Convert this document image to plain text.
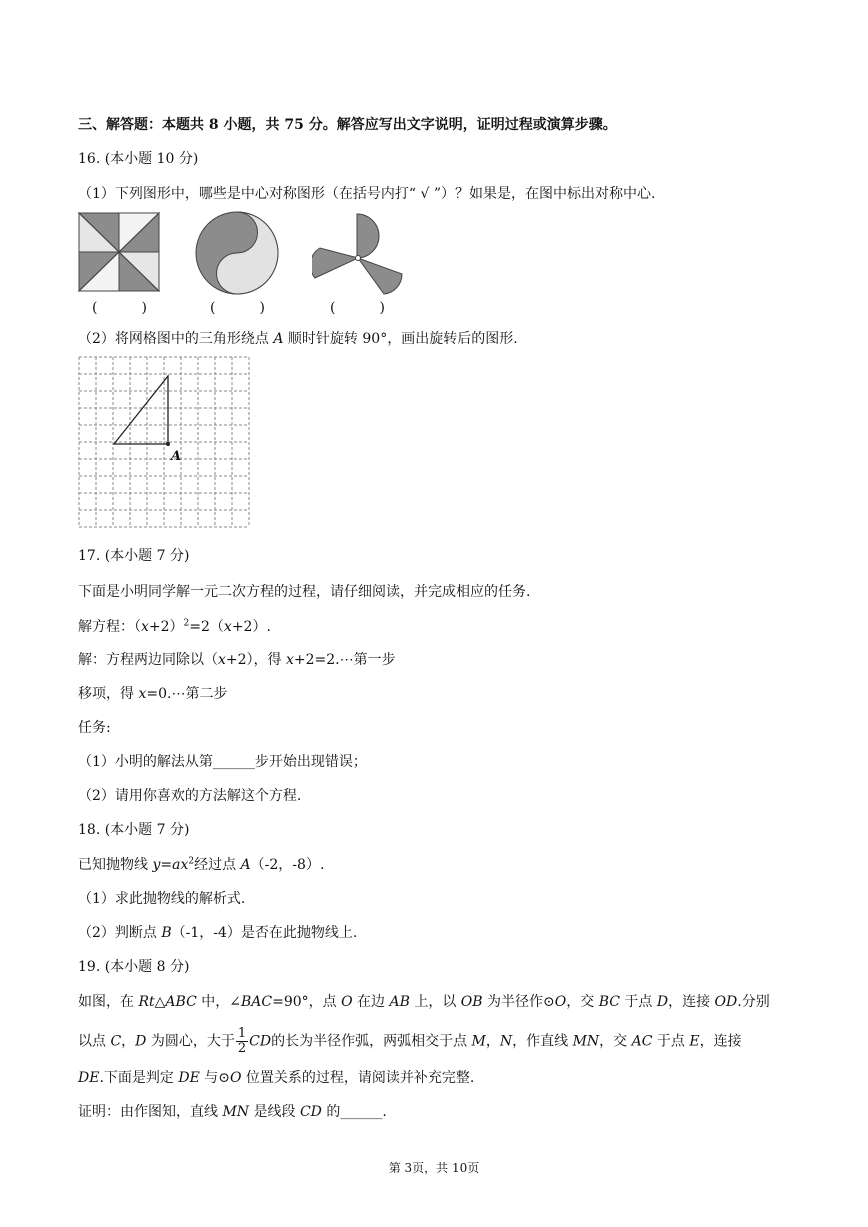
三、解答题：本题共 8 小题，共 75 分。解答应写出文字说明，证明过程或演算步骤。
16. (本小题 10 分)
（1）下列图形中，哪些是中心对称图形（在括号内打“ √ ”）？如果是，在图中标出对称中心.
(	)	(	)	(	)
（2）将网格图中的三角形绕点 A 顺时针旋转 90°，画出旋转后的图形.
A
17. (本小题 7 分)
下面是小明同学解一元二次方程的过程，请仔细阅读，并完成相应的任务.
解方程：$(x+2)^2=2(x+2)$.
解：方程两边同除以（x+2），得 x+2=2.⋯第一步
移项，得 x=0.⋯第二步
任务:
（1）小明的解法从第______步开始出现错误；
（2）请用你喜欢的方法解这个方程.
18. (本小题 7 分)
已知抛物线 $y=ax^2$经过点 A（-2，-8）.
（1）求此抛物线的解析式.
（2）判断点 B（-1，-4）是否在此抛物线上.
19. (本小题 8 分)
如图，在 Rt△ABC 中，∠BAC=90°，点 O 在边 AB 上，以 OB 为半径作⊙O，交 BC 于点 D，连接 OD.分别
以点 C，D 为圆心，大于 $\frac{1}{2}$ CD的长为半径作弧，两弧相交于点 M，N，作直线 MN，交 AC 于点 E，连接
DE.下面是判定 DE 与⊙O 位置关系的过程，请阅读并补充完整.
证明：由作图知，直线 MN 是线段 CD 的______.
第 3页，共 10页
